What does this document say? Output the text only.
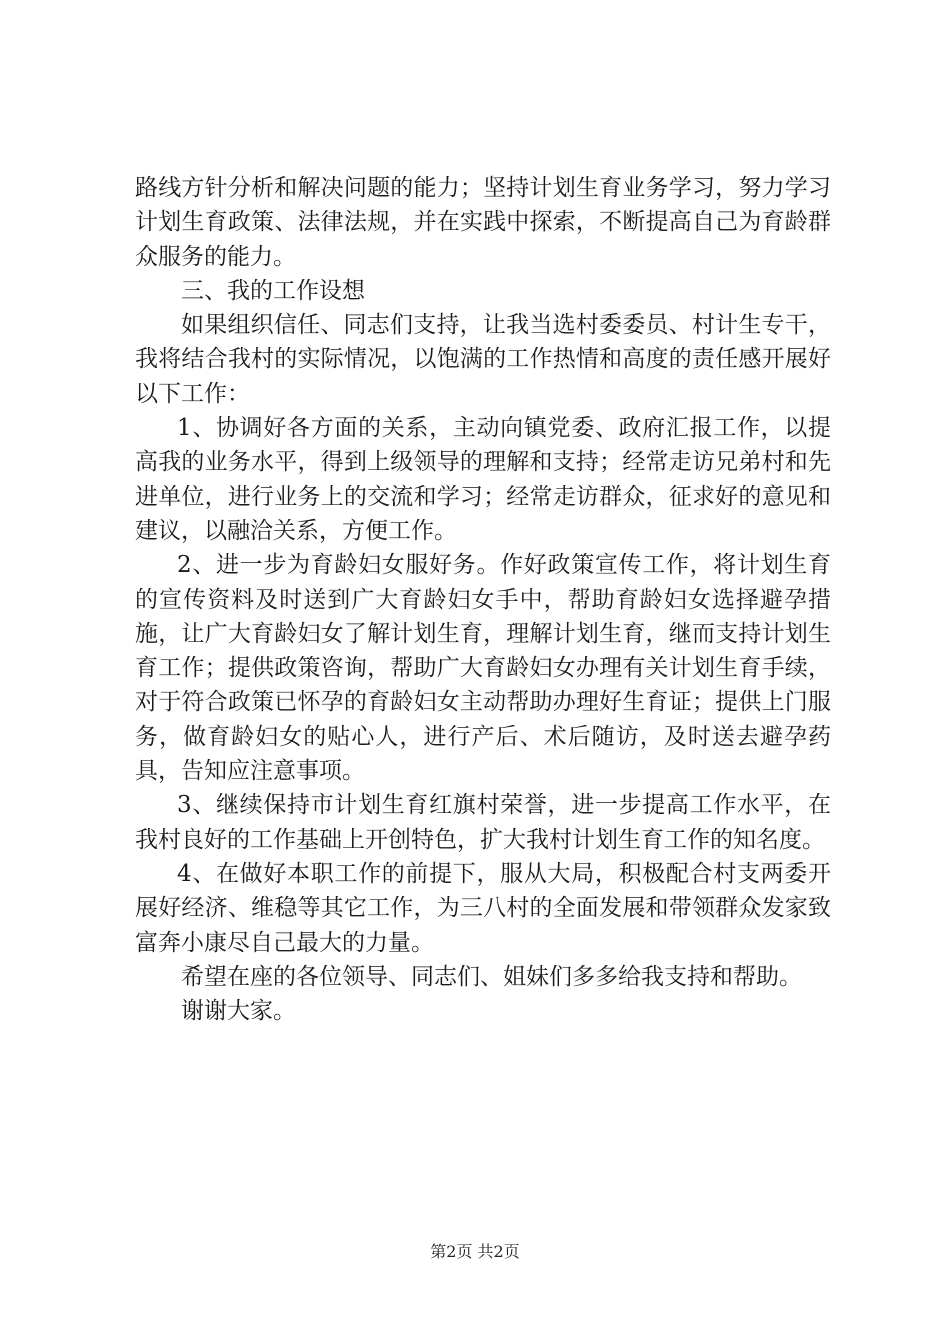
路线方针分析和解决问题的能力；坚持计划生育业务学习，努力学习计划生育政策、法律法规，并在实践中探索，不断提高自己为育龄群众服务的能力。

三、我的工作设想

如果组织信任、同志们支持，让我当选村委委员、村计生专干，我将结合我村的实际情况，以饱满的工作热情和高度的责任感开展好以下工作：

1、协调好各方面的关系，主动向镇党委、政府汇报工作，以提高我的业务水平，得到上级领导的理解和支持；经常走访兄弟村和先进单位，进行业务上的交流和学习；经常走访群众，征求好的意见和建议，以融洽关系，方便工作。

2、进一步为育龄妇女服好务。作好政策宣传工作，将计划生育的宣传资料及时送到广大育龄妇女手中，帮助育龄妇女选择避孕措施，让广大育龄妇女了解计划生育，理解计划生育，继而支持计划生育工作；提供政策咨询，帮助广大育龄妇女办理有关计划生育手续，对于符合政策已怀孕的育龄妇女主动帮助办理好生育证；提供上门服务，做育龄妇女的贴心人，进行产后、术后随访，及时送去避孕药具，告知应注意事项。

3、继续保持市计划生育红旗村荣誉，进一步提高工作水平，在我村良好的工作基础上开创特色，扩大我村计划生育工作的知名度。

4、在做好本职工作的前提下，服从大局，积极配合村支两委开展好经济、维稳等其它工作，为三八村的全面发展和带领群众发家致富奔小康尽自己最大的力量。

希望在座的各位领导、同志们、姐妹们多多给我支持和帮助。

谢谢大家。

第2页 共2页
